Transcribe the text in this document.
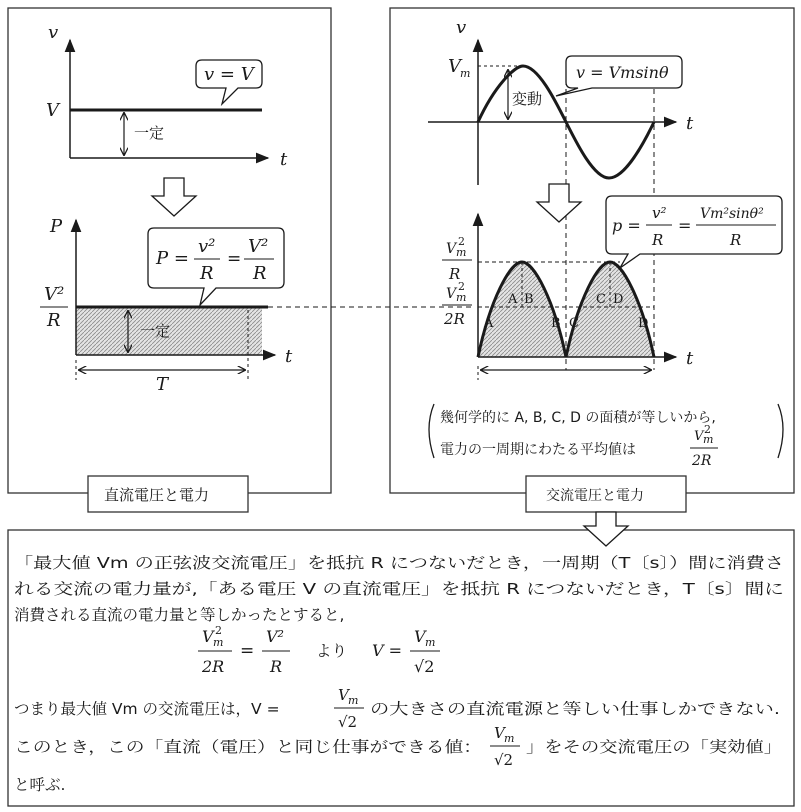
v
t
V
一定
v = V
P
t
V²
R	一定
T
P =
v²
R
=
V²
R
直流電圧と電力
v
t
V m
変動
v = Vmsinθ
t
V m
2
R
V m
2
2R A
A B
B C
C D
D
p =
v²
R
=
Vm²sinθ²
R
幾何学的に A, B, C, D の面積が等しいから,
電力の一周期にわたる平均値は
V m
2
2R
交流電圧と電力
「最大値 Vm の正弦波交流電圧」を抵抗 R につないだとき，一周期（T〔s〕）間に消費さ
れる交流の電力量が,「ある電圧 V の直流電圧」を抵抗 R につないだとき，T〔s〕間に
消費される直流の電力量と等しかったとすると,
V m
2
2R
=
V²
R
より V =
V m
√2
つまり最大値 Vm の交流電圧は，V =
V m
√2
の大きさの直流電源と等しい仕事しかできない.
このとき，この「直流（電圧）と同じ仕事ができる値：
V m
√2
」をその交流電圧の「実効値」
と呼ぶ.
